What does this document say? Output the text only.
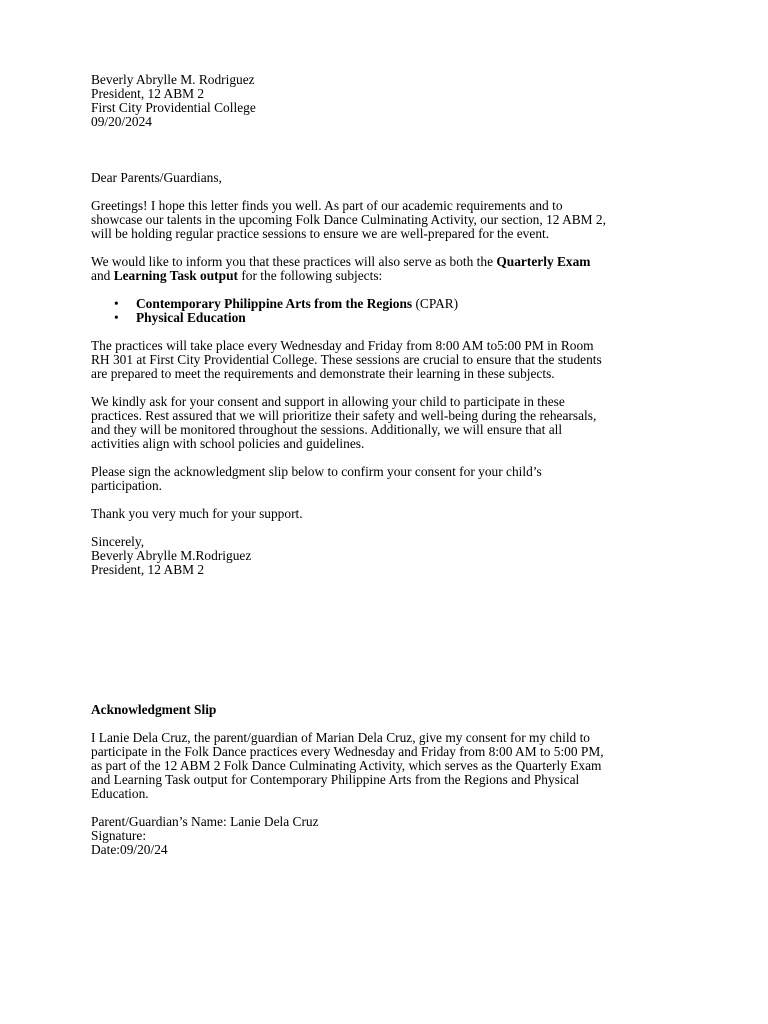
Beverly Abrylle M. Rodriguez
President, 12 ABM 2
First City Providential College
09/20/2024
Dear Parents/Guardians,
Greetings! I hope this letter finds you well. As part of our academic requirements and to
showcase our talents in the upcoming Folk Dance Culminating Activity, our section, 12 ABM 2,
will be holding regular practice sessions to ensure we are well-prepared for the event.
We would like to inform you that these practices will also serve as both the Quarterly Exam
and Learning Task output for the following subjects:
• Contemporary Philippine Arts from the Regions (CPAR)
• Physical Education
The practices will take place every Wednesday and Friday from 8:00 AM to5:00 PM in Room
RH 301 at First City Providential College. These sessions are crucial to ensure that the students
are prepared to meet the requirements and demonstrate their learning in these subjects.
We kindly ask for your consent and support in allowing your child to participate in these
practices. Rest assured that we will prioritize their safety and well-being during the rehearsals,
and they will be monitored throughout the sessions. Additionally, we will ensure that all
activities align with school policies and guidelines.
Please sign the acknowledgment slip below to confirm your consent for your child’s
participation.
Thank you very much for your support.
Sincerely,
Beverly Abrylle M.Rodriguez
President, 12 ABM 2
Acknowledgment Slip
I Lanie Dela Cruz, the parent/guardian of Marian Dela Cruz, give my consent for my child to
participate in the Folk Dance practices every Wednesday and Friday from 8:00 AM to 5:00 PM,
as part of the 12 ABM 2 Folk Dance Culminating Activity, which serves as the Quarterly Exam
and Learning Task output for Contemporary Philippine Arts from the Regions and Physical
Education.
Parent/Guardian’s Name: Lanie Dela Cruz
Signature:
Date:09/20/24
